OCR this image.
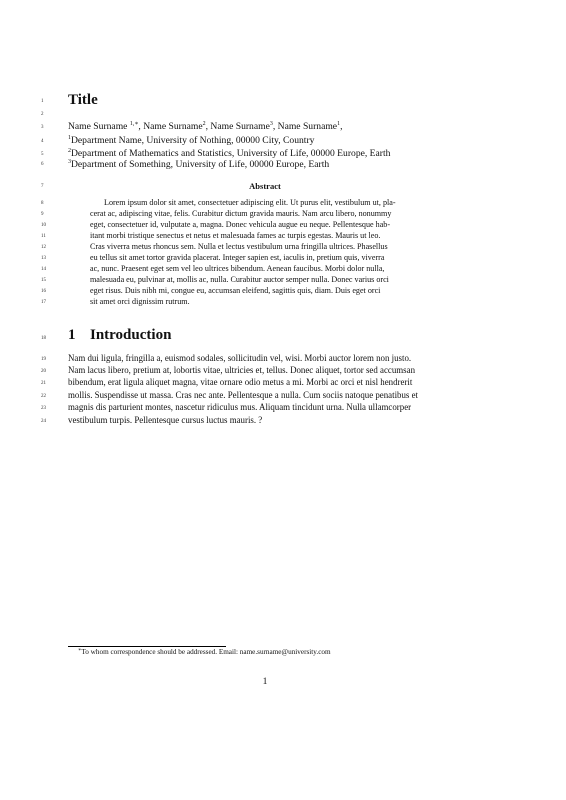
1
2
3
4
5
6
7
8
9
10
11
12
13
14
15
16
17
18
19
20
21
22
23
24
Title
Name Surname $^{1,∗}$, Name Surname$^2$, Name Surname$^3$, Name Surname$^1$,
$^1$Department Name, University of Nothing, 00000 City, Country
$^2$Department of Mathematics and Statistics, University of Life, 00000 Europe, Earth
$^3$Department of Something, University of Life, 00000 Europe, Earth
Abstract
Lorem ipsum dolor sit amet, consectetuer adipiscing elit. Ut purus elit, vestibulum ut, pla-
cerat ac, adipiscing vitae, felis. Curabitur dictum gravida mauris. Nam arcu libero, nonummy
eget, consectetuer id, vulputate a, magna. Donec vehicula augue eu neque. Pellentesque hab-
itant morbi tristique senectus et netus et malesuada fames ac turpis egestas. Mauris ut leo.
Cras viverra metus rhoncus sem. Nulla et lectus vestibulum urna fringilla ultrices. Phasellus
eu tellus sit amet tortor gravida placerat. Integer sapien est, iaculis in, pretium quis, viverra
ac, nunc. Praesent eget sem vel leo ultrices bibendum. Aenean faucibus. Morbi dolor nulla,
malesuada eu, pulvinar at, mollis ac, nulla. Curabitur auctor semper nulla. Donec varius orci
eget risus. Duis nibh mi, congue eu, accumsan eleifend, sagittis quis, diam. Duis eget orci
sit amet orci dignissim rutrum.
1 Introduction
Nam dui ligula, fringilla a, euismod sodales, sollicitudin vel, wisi. Morbi auctor lorem non justo.
Nam lacus libero, pretium at, lobortis vitae, ultricies et, tellus. Donec aliquet, tortor sed accumsan
bibendum, erat ligula aliquet magna, vitae ornare odio metus a mi. Morbi ac orci et nisl hendrerit
mollis. Suspendisse ut massa. Cras nec ante. Pellentesque a nulla. Cum sociis natoque penatibus et
magnis dis parturient montes, nascetur ridiculus mus. Aliquam tincidunt urna. Nulla ullamcorper
vestibulum turpis. Pellentesque cursus luctus mauris. ?
∗To whom correspondence should be addressed. Email: name.surname@university.com
1
